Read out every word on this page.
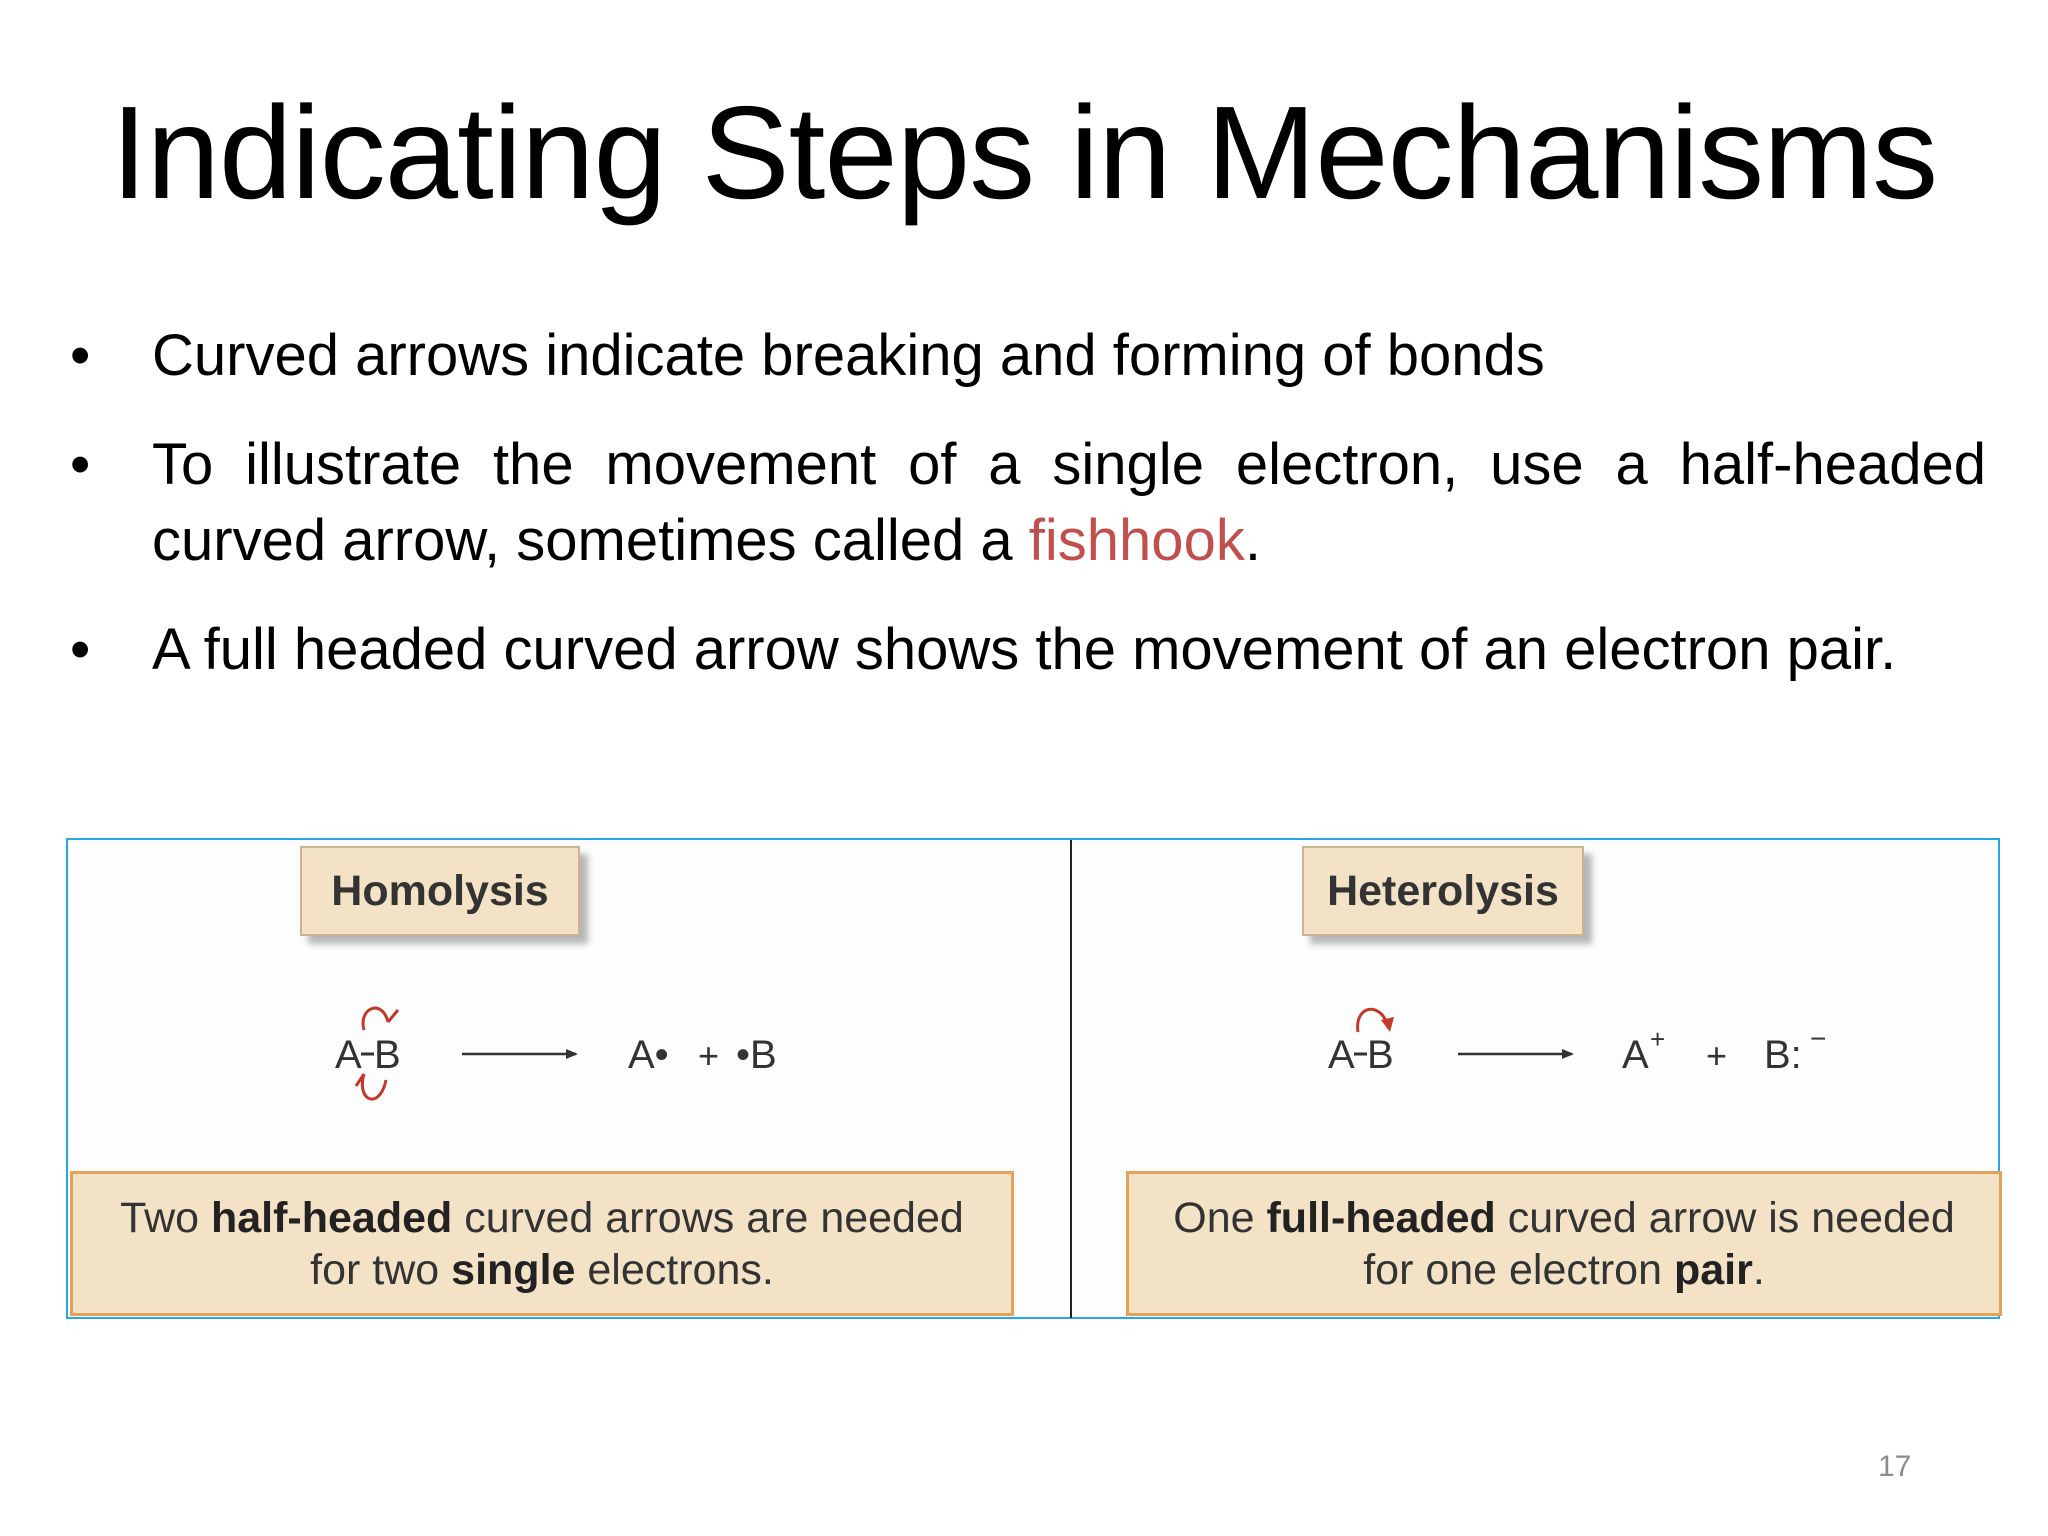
Indicating Steps in Mechanisms
•	Curved arrows indicate breaking and forming of bonds
•	To illustrate the movement of a single electron, use a half-headed curved arrow, sometimes called a fishhook.
•	A full headed curved arrow shows the movement of an electron pair.
Homolysis	Heterolysis
A B	A• + •B	A B	A + + B: −
Two half-headed curved arrows are needed
for two single electrons.
One full-headed curved arrow is needed
for one electron pair.
17
